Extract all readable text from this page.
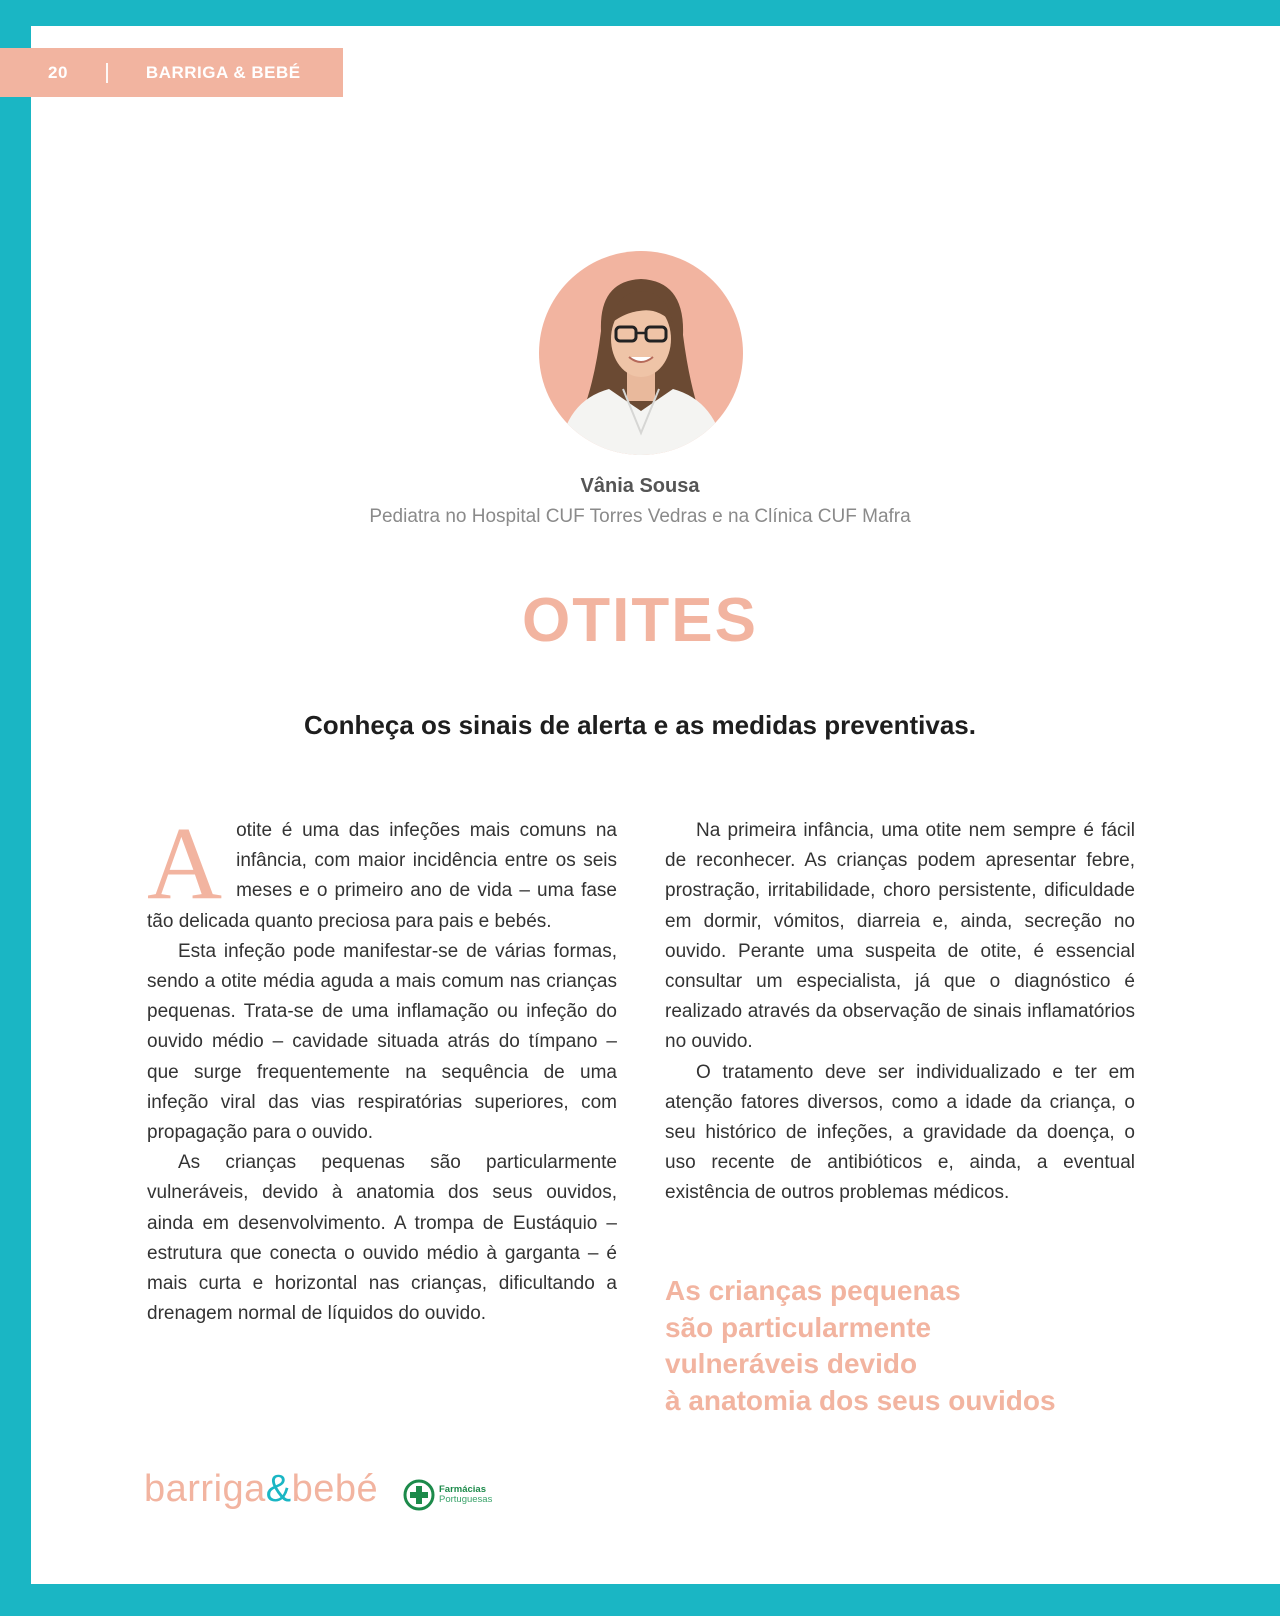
20	BARRIGA & BEBÉ
Vânia Sousa
Pediatra no Hospital CUF Torres Vedras e na Clínica CUF Mafra
OTITES
Conheça os sinais de alerta e as medidas preventivas.

Aotite é uma das infeções mais comuns na infância, com maior incidência entre os seis meses e o primeiro ano de vida – uma fase tão delicada quanto preciosa para pais e bebés.

Esta infeção pode manifestar-se de várias formas, sendo a otite média aguda a mais comum nas crianças pequenas. Trata-se de uma inflamação ou infeção do ouvido médio – cavidade situada atrás do tímpano – que surge frequentemente na sequência de uma infeção viral das vias respiratórias superiores, com propagação para o ouvido.

As crianças pequenas são particularmente vulneráveis, devido à anatomia dos seus ouvidos, ainda em desenvolvimento. A trompa de Eustáquio – estrutura que conecta o ouvido médio à garganta – é mais curta e horizontal nas crianças, dificultando a drenagem normal de líquidos do ouvido.

Na primeira infância, uma otite nem sempre é fácil de reconhecer. As crianças podem apresentar febre, prostração, irritabilidade, choro persistente, dificuldade em dormir, vómitos, diarreia e, ainda, secreção no ouvido. Perante uma suspeita de otite, é essencial consultar um especialista, já que o diagnóstico é realizado através da observação de sinais inflamatórios no ouvido.

O tratamento deve ser individualizado e ter em atenção fatores diversos, como a idade da criança, o seu histórico de infeções, a gravidade da doença, o uso recente de antibióticos e, ainda, a eventual existência de outros problemas médicos.

As crianças pequenas
são particularmente
vulneráveis devido
à anatomia dos seus ouvidos
barriga&bebé	Farmácias
Portuguesas
